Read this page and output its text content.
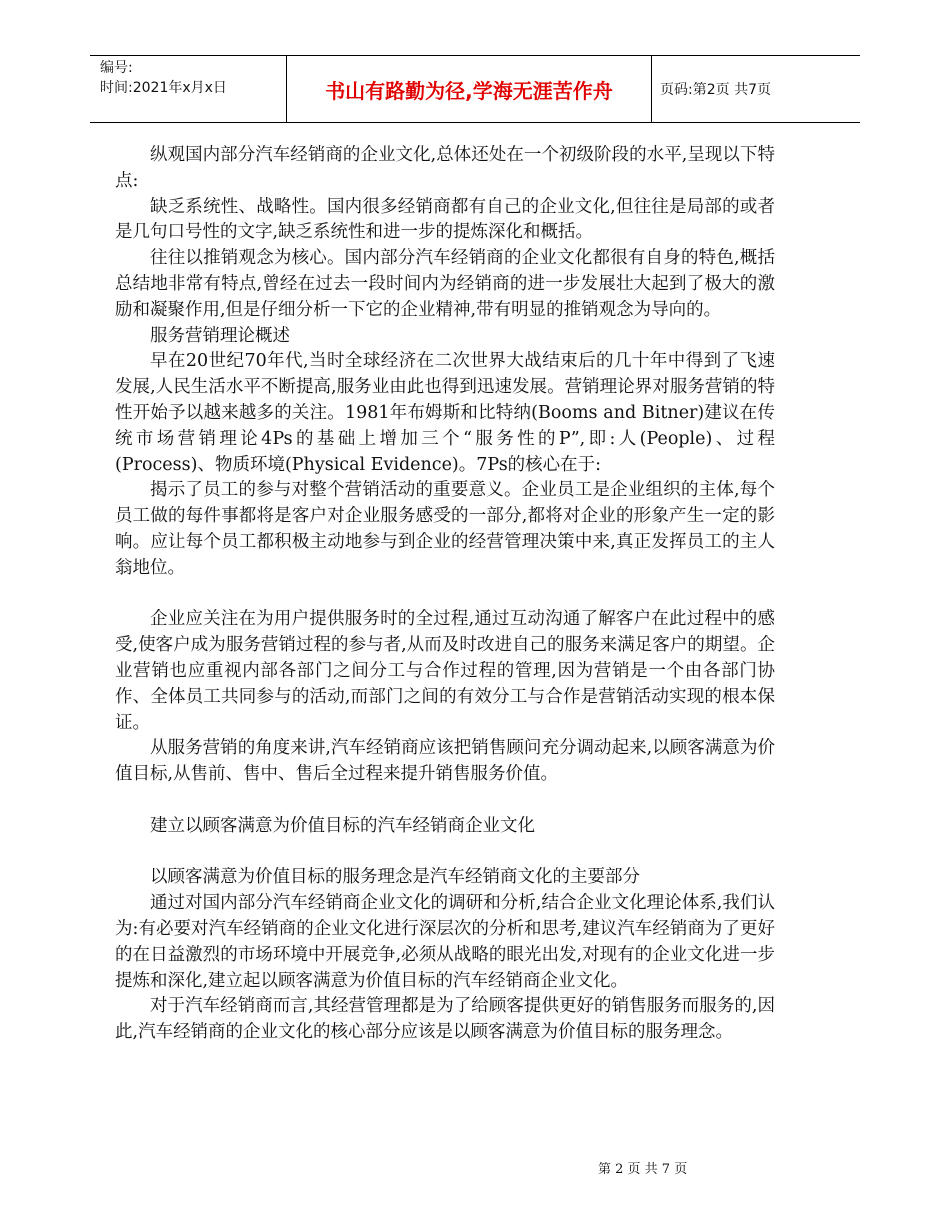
编号:
时间:2021年x月x日	书山有路勤为径,学海无涯苦作舟	页码:第2页 共7页

纵观国内部分汽车经销商的企业文化,总体还处在一个初级阶段的水平,呈现以下特点:

缺乏系统性、战略性。国内很多经销商都有自己的企业文化,但往往是局部的或者是几句口号性的文字,缺乏系统性和进一步的提炼深化和概括。

往往以推销观念为核心。国内部分汽车经销商的企业文化都很有自身的特色,概括总结地非常有特点,曾经在过去一段时间内为经销商的进一步发展壮大起到了极大的激励和凝聚作用,但是仔细分析一下它的企业精神,带有明显的推销观念为导向的。

服务营销理论概述

早在20世纪70年代,当时全球经济在二次世界大战结束后的几十年中得到了飞速发展,人民生活水平不断提高,服务业由此也得到迅速发展。营销理论界对服务营销的特性开始予以越来越多的关注。1981年布姆斯和比特纳(Booms and Bitner)建议在传统市场营销理论4Ps的基础上增加三个“服务性的P”,即:人(People)、过程(Process)、物质环境(Physical Evidence)。7Ps的核心在于:

揭示了员工的参与对整个营销活动的重要意义。企业员工是企业组织的主体,每个员工做的每件事都将是客户对企业服务感受的一部分,都将对企业的形象产生一定的影响。应让每个员工都积极主动地参与到企业的经营管理决策中来,真正发挥员工的主人翁地位。

企业应关注在为用户提供服务时的全过程,通过互动沟通了解客户在此过程中的感受,使客户成为服务营销过程的参与者,从而及时改进自己的服务来满足客户的期望。企业营销也应重视内部各部门之间分工与合作过程的管理,因为营销是一个由各部门协作、全体员工共同参与的活动,而部门之间的有效分工与合作是营销活动实现的根本保证。

从服务营销的角度来讲,汽车经销商应该把销售顾问充分调动起来,以顾客满意为价值目标,从售前、售中、售后全过程来提升销售服务价值。

建立以顾客满意为价值目标的汽车经销商企业文化

以顾客满意为价值目标的服务理念是汽车经销商文化的主要部分

通过对国内部分汽车经销商企业文化的调研和分析,结合企业文化理论体系,我们认为:有必要对汽车经销商的企业文化进行深层次的分析和思考,建议汽车经销商为了更好的在日益激烈的市场环境中开展竞争,必须从战略的眼光出发,对现有的企业文化进一步提炼和深化,建立起以顾客满意为价值目标的汽车经销商企业文化。

对于汽车经销商而言,其经营管理都是为了给顾客提供更好的销售服务而服务的,因此,汽车经销商的企业文化的核心部分应该是以顾客满意为价值目标的服务理念。

第 2 页 共 7 页
